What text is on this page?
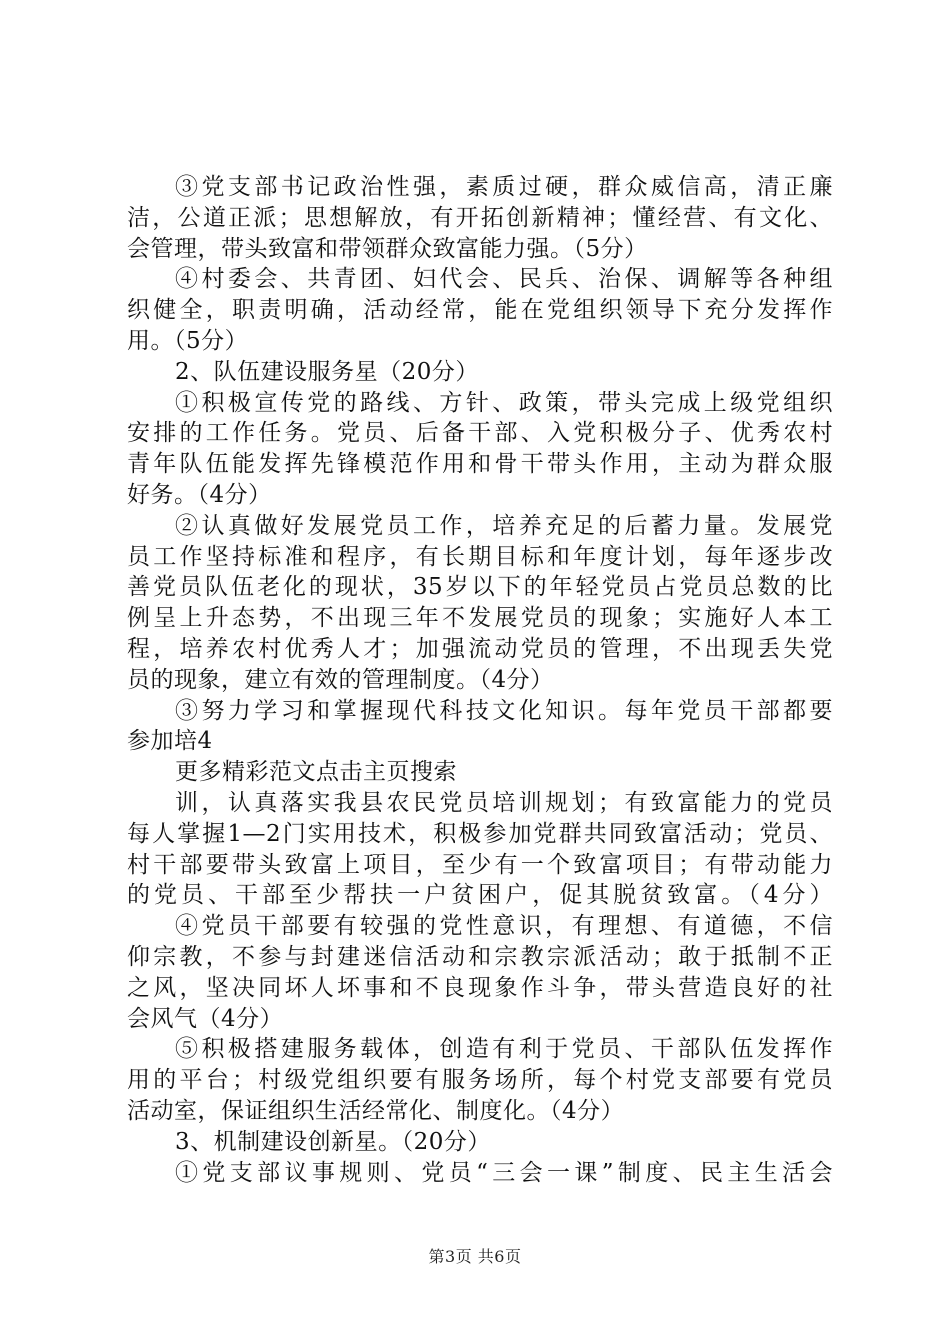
③党支部书记政治性强，素质过硬，群众威信高，清正廉
洁，公道正派；思想解放，有开拓创新精神；懂经营、有文化、
会管理，带头致富和带领群众致富能力强。（5分）
④村委会、共青团、妇代会、民兵、治保、调解等各种组
织健全，职责明确，活动经常，能在党组织领导下充分发挥作
用。（5分）
2、队伍建设服务星（20分）
①积极宣传党的路线、方针、政策，带头完成上级党组织
安排的工作任务。党员、后备干部、入党积极分子、优秀农村
青年队伍能发挥先锋模范作用和骨干带头作用，主动为群众服
好务。（4分）
②认真做好发展党员工作，培养充足的后蓄力量。发展党
员工作坚持标准和程序，有长期目标和年度计划，每年逐步改
善党员队伍老化的现状，35岁以下的年轻党员占党员总数的比
例呈上升态势，不出现三年不发展党员的现象；实施好人本工
程，培养农村优秀人才；加强流动党员的管理，不出现丢失党
员的现象，建立有效的管理制度。（4分）
③努力学习和掌握现代科技文化知识。每年党员干部都要
参加培4
更多精彩范文点击主页搜索
训，认真落实我县农民党员培训规划；有致富能力的党员
每人掌握1—2门实用技术，积极参加党群共同致富活动；党员、
村干部要带头致富上项目，至少有一个致富项目；有带动能力
的党员、干部至少帮扶一户贫困户，促其脱贫致富。（4分）
④党员干部要有较强的党性意识，有理想、有道德，不信
仰宗教，不参与封建迷信活动和宗教宗派活动；敢于抵制不正
之风，坚决同坏人坏事和不良现象作斗争，带头营造良好的社
会风气（4分）
⑤积极搭建服务载体，创造有利于党员、干部队伍发挥作
用的平台；村级党组织要有服务场所，每个村党支部要有党员
活动室，保证组织生活经常化、制度化。（4分）
3、机制建设创新星。（20分）
①党支部议事规则、党员“三会一课”制度、民主生活会
第3页 共6页
